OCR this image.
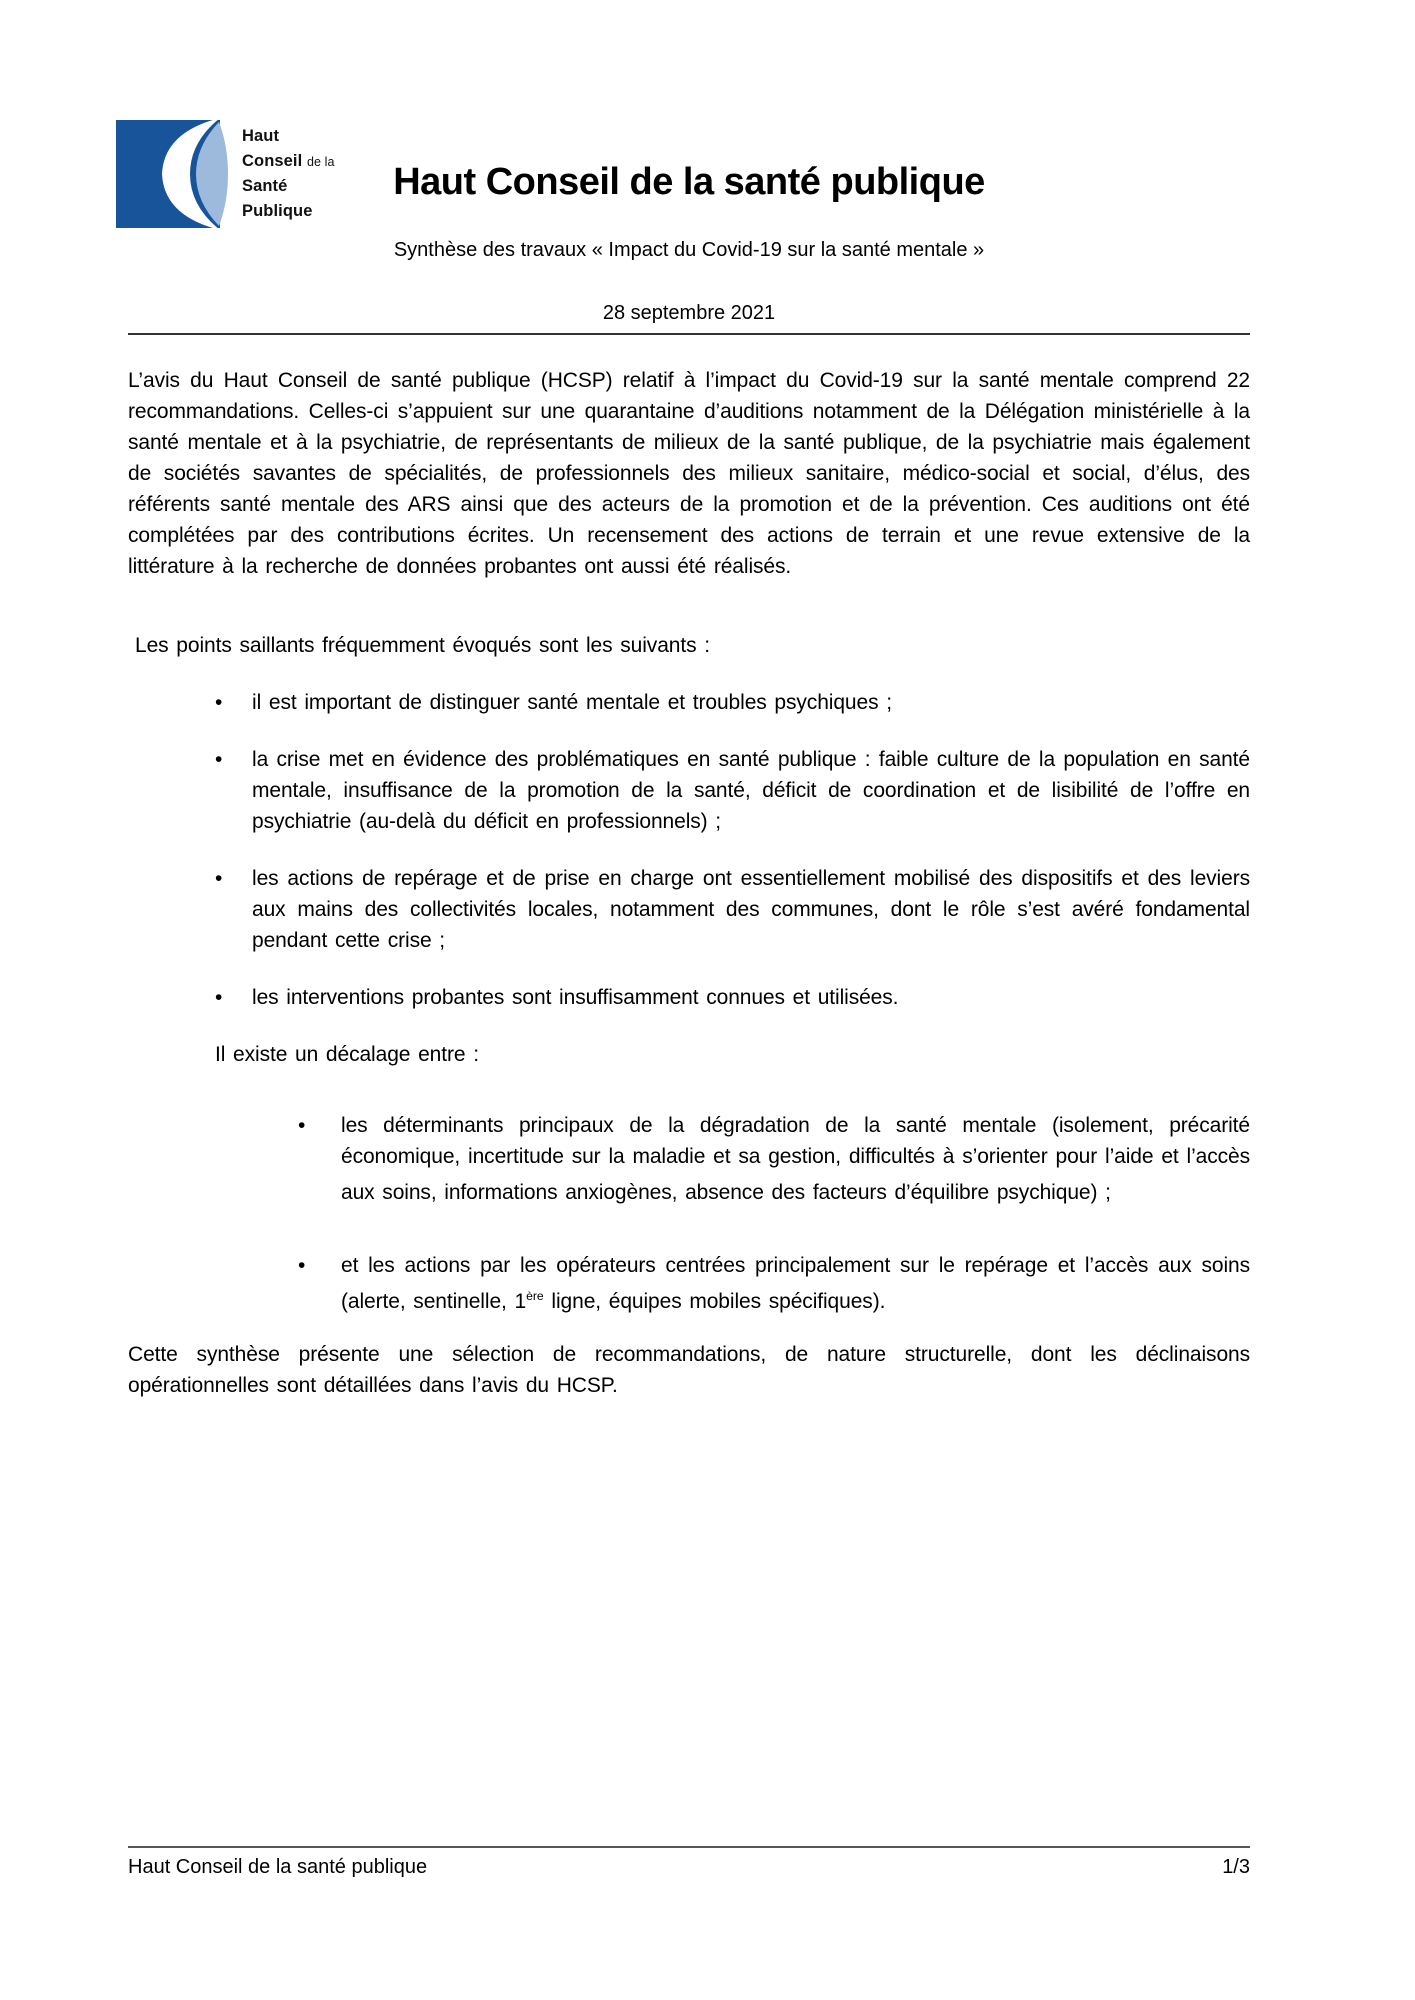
Haut
Conseil de la
Santé
Publique
Haut Conseil de la santé publique
Synthèse des travaux « Impact du Covid-19 sur la santé mentale »
28 septembre 2021

L’avis du Haut Conseil de santé publique (HCSP) relatif à l’impact du Covid-19 sur la santé mentale comprend 22 recommandations. Celles-ci s’appuient sur une quarantaine d’auditions notamment de la Délégation ministérielle à la santé mentale et à la psychiatrie, de représentants de milieux de la santé publique, de la psychiatrie mais également de sociétés savantes de spécialités, de professionnels des milieux sanitaire, médico-social et social, d’élus, des référents santé mentale des ARS ainsi que des acteurs de la promotion et de la prévention. Ces auditions ont été complétées par des contributions écrites. Un recensement des actions de terrain et une revue extensive de la littérature à la recherche de données probantes ont aussi été réalisés.

Les points saillants fréquemment évoqués sont les suivants :

• il est important de distinguer santé mentale et troubles psychiques ;
• la crise met en évidence des problématiques en santé publique : faible culture de la population en santé mentale, insuffisance de la promotion de la santé, déficit de coordination et de lisibilité de l’offre en psychiatrie (au-delà du déficit en professionnels) ;
• les actions de repérage et de prise en charge ont essentiellement mobilisé des dispositifs et des leviers aux mains des collectivités locales, notamment des communes, dont le rôle s’est avéré fondamental pendant cette crise ;
• les interventions probantes sont insuffisamment connues et utilisées.

Il existe un décalage entre :

• les déterminants principaux de la dégradation de la santé mentale (isolement, précarité économique, incertitude sur la maladie et sa gestion, difficultés à s’orienter pour l’aide et l’accès aux soins, informations anxiogènes, absence des facteurs d’équilibre psychique) ;
• et les actions par les opérateurs centrées principalement sur le repérage et l’accès aux soins (alerte, sentinelle, 1ère ligne, équipes mobiles spécifiques).

Cette synthèse présente une sélection de recommandations, de nature structurelle, dont les déclinaisons opérationnelles sont détaillées dans l’avis du HCSP.

Haut Conseil de la santé publique	1/3
